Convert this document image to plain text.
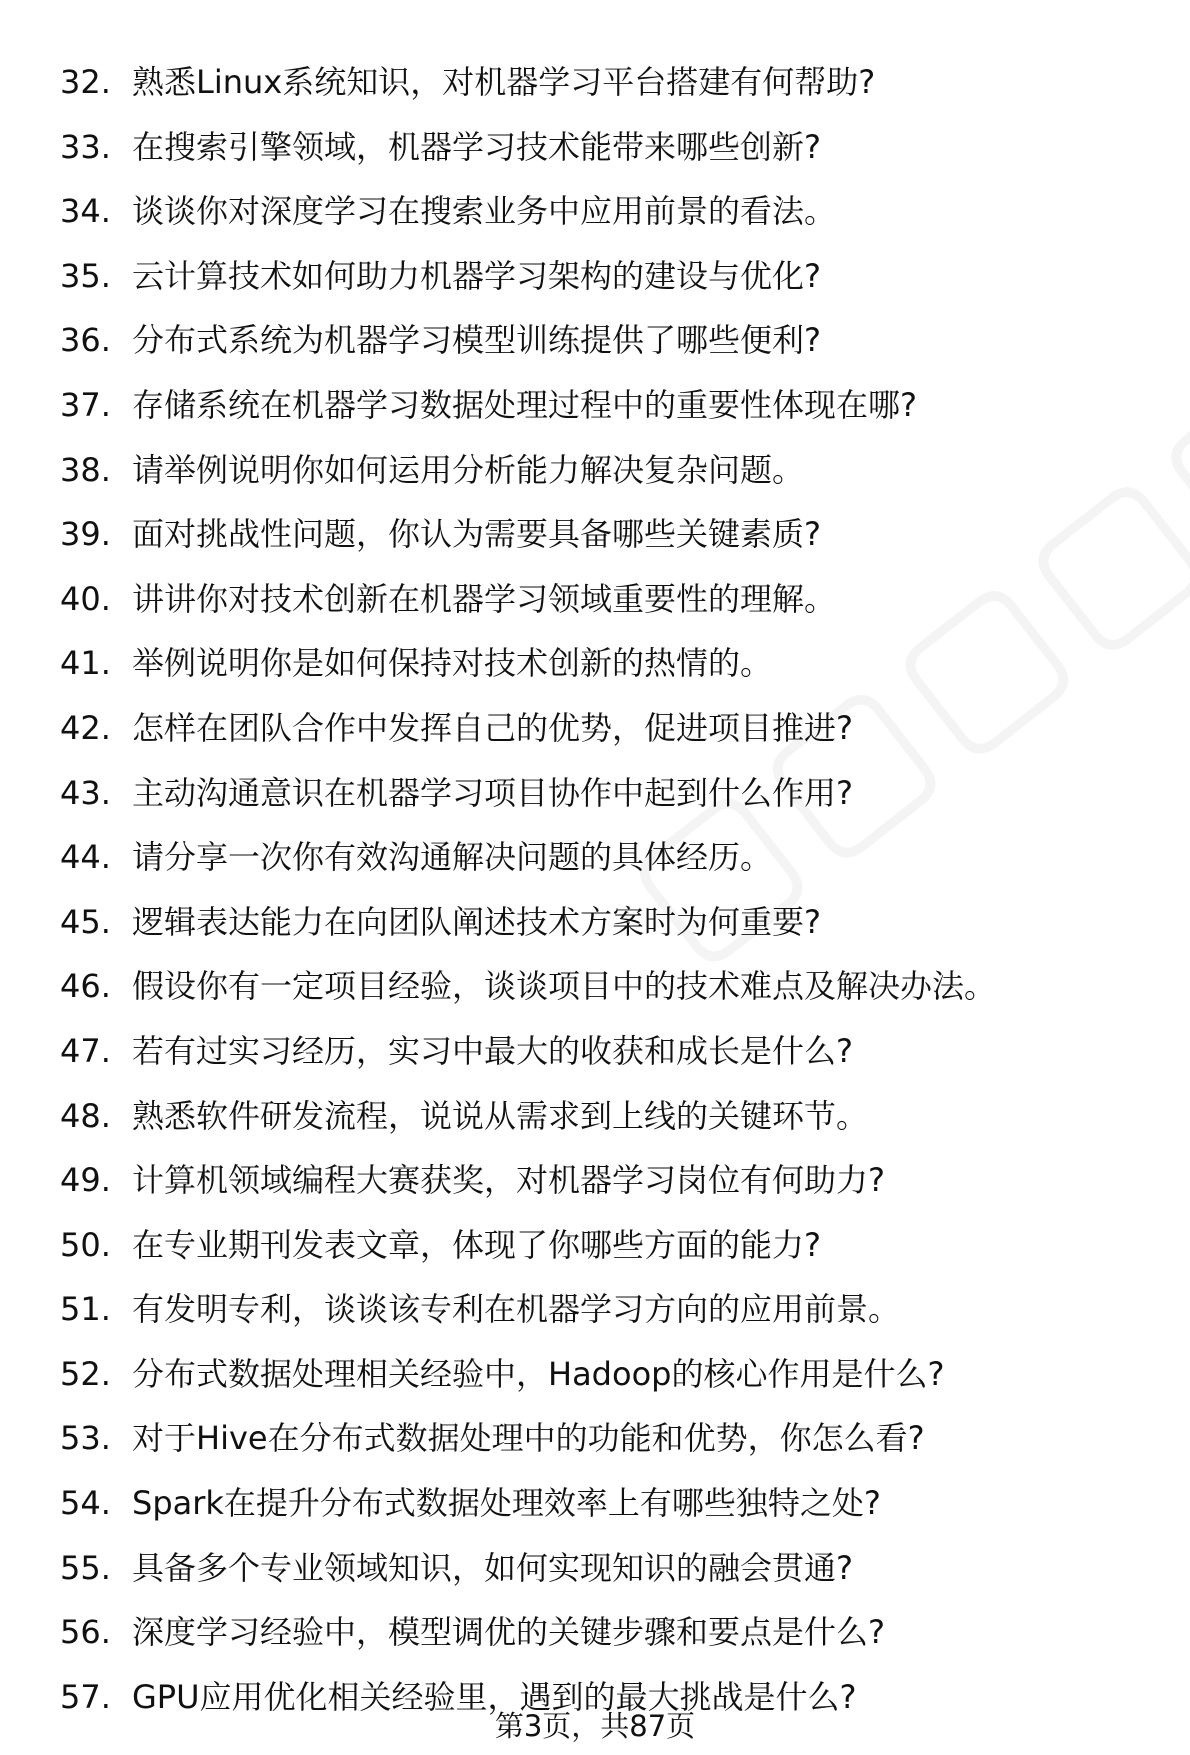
32. 熟悉Linux系统知识，对机器学习平台搭建有何帮助?
33. 在搜索引擎领域，机器学习技术能带来哪些创新?
34. 谈谈你对深度学习在搜索业务中应用前景的看法。
35. 云计算技术如何助力机器学习架构的建设与优化?
36. 分布式系统为机器学习模型训练提供了哪些便利?
37. 存储系统在机器学习数据处理过程中的重要性体现在哪?
38. 请举例说明你如何运用分析能力解决复杂问题。
39. 面对挑战性问题，你认为需要具备哪些关键素质?
40. 讲讲你对技术创新在机器学习领域重要性的理解。
41. 举例说明你是如何保持对技术创新的热情的。
42. 怎样在团队合作中发挥自己的优势，促进项目推进?
43. 主动沟通意识在机器学习项目协作中起到什么作用?
44. 请分享一次你有效沟通解决问题的具体经历。
45. 逻辑表达能力在向团队阐述技术方案时为何重要?
46. 假设你有一定项目经验，谈谈项目中的技术难点及解决办法。
47. 若有过实习经历，实习中最大的收获和成长是什么?
48. 熟悉软件研发流程，说说从需求到上线的关键环节。
49. 计算机领域编程大赛获奖，对机器学习岗位有何助力?
50. 在专业期刊发表文章，体现了你哪些方面的能力?
51. 有发明专利，谈谈该专利在机器学习方向的应用前景。
52. 分布式数据处理相关经验中，Hadoop的核心作用是什么?
53. 对于Hive在分布式数据处理中的功能和优势，你怎么看?
54. Spark在提升分布式数据处理效率上有哪些独特之处?
55. 具备多个专业领域知识，如何实现知识的融会贯通?
56. 深度学习经验中，模型调优的关键步骤和要点是什么?
57. GPU应用优化相关经验里，遇到的最大挑战是什么?
第3页，共87页
